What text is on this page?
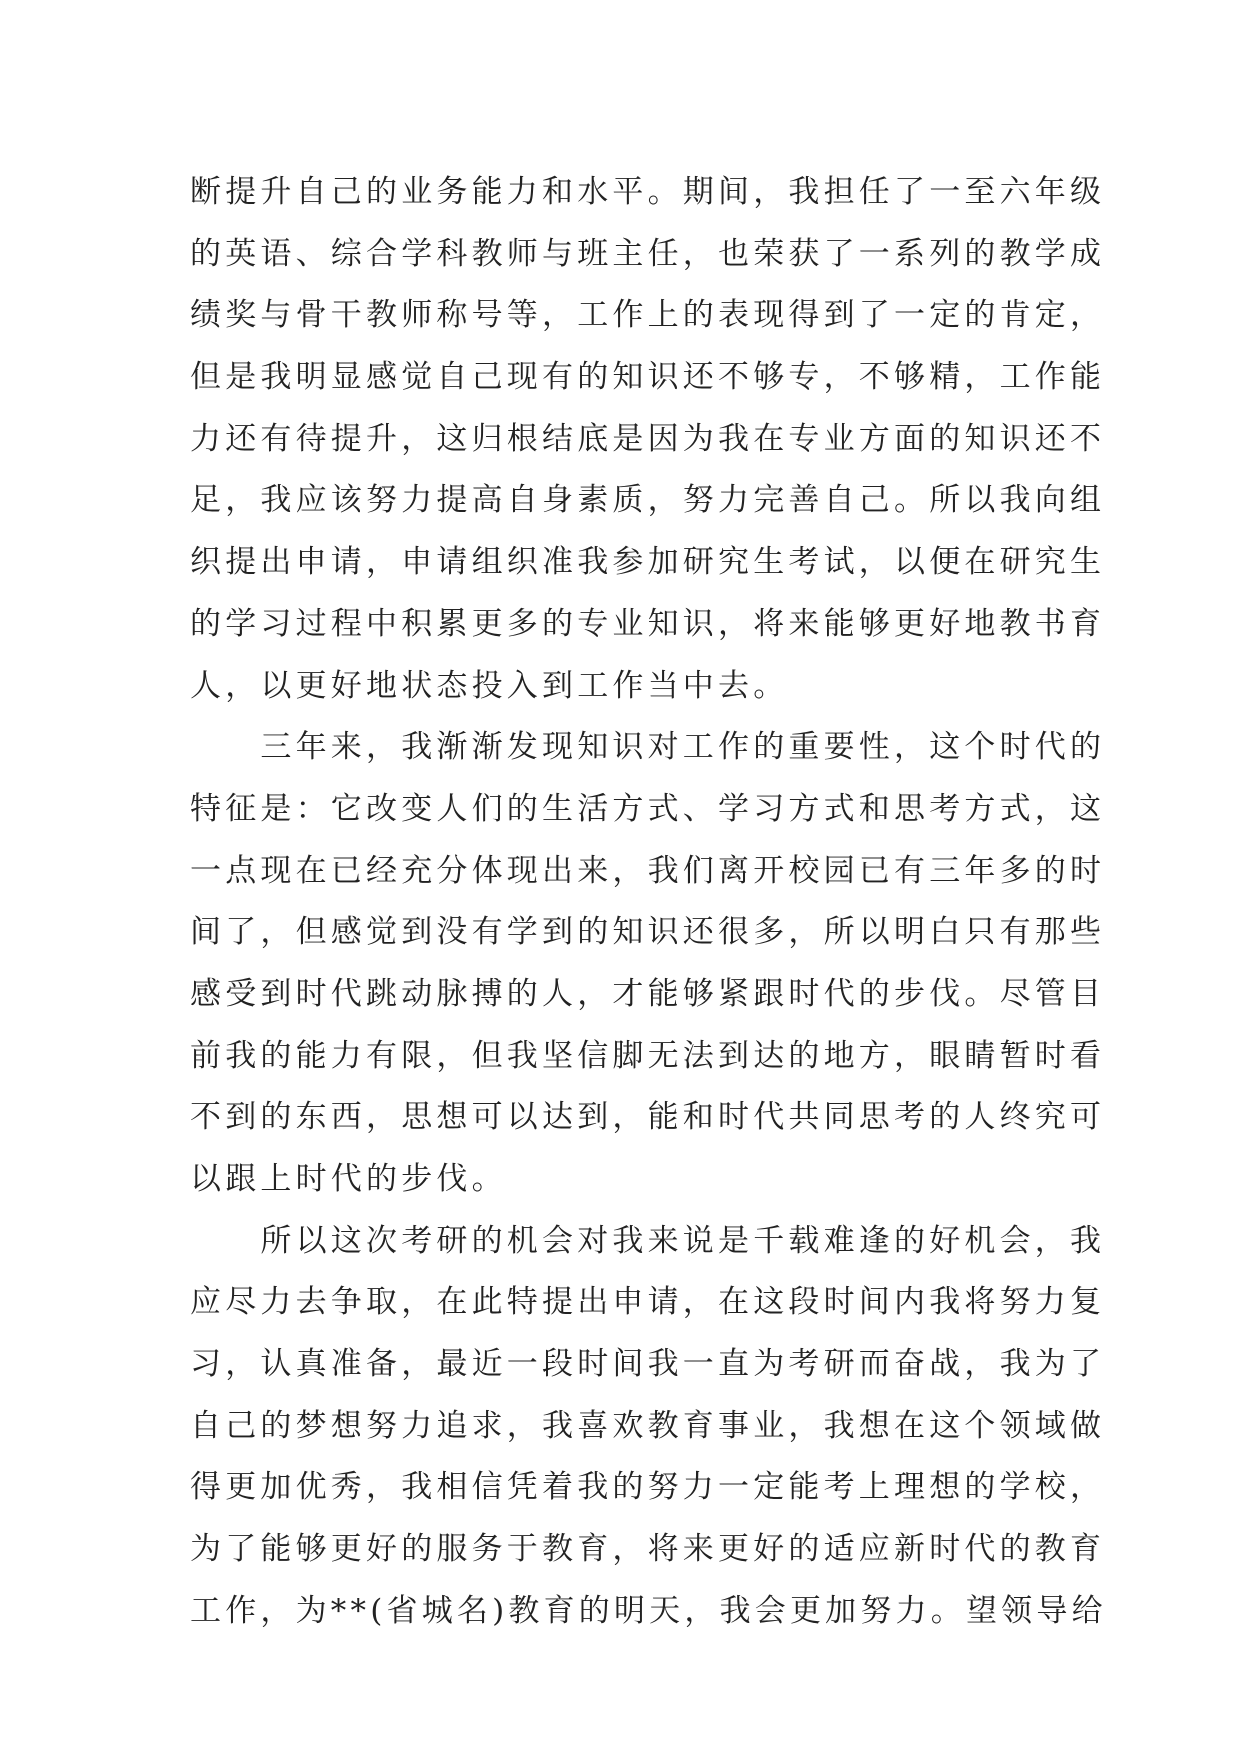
断提升自己的业务能力和水平。期间，我担任了一至六年级
的英语、综合学科教师与班主任，也荣获了一系列的教学成
绩奖与骨干教师称号等，工作上的表现得到了一定的肯定，
但是我明显感觉自己现有的知识还不够专，不够精，工作能
力还有待提升，这归根结底是因为我在专业方面的知识还不
足，我应该努力提高自身素质，努力完善自己。所以我向组
织提出申请，申请组织准我参加研究生考试，以便在研究生
的学习过程中积累更多的专业知识，将来能够更好地教书育
人，以更好地状态投入到工作当中去。
　　三年来，我渐渐发现知识对工作的重要性，这个时代的
特征是：它改变人们的生活方式、学习方式和思考方式，这
一点现在已经充分体现出来，我们离开校园已有三年多的时
间了，但感觉到没有学到的知识还很多，所以明白只有那些
感受到时代跳动脉搏的人，才能够紧跟时代的步伐。尽管目
前我的能力有限，但我坚信脚无法到达的地方，眼睛暂时看
不到的东西，思想可以达到，能和时代共同思考的人终究可
以跟上时代的步伐。
　　所以这次考研的机会对我来说是千载难逢的好机会，我
应尽力去争取，在此特提出申请，在这段时间内我将努力复
习，认真准备，最近一段时间我一直为考研而奋战，我为了
自己的梦想努力追求，我喜欢教育事业，我想在这个领域做
得更加优秀，我相信凭着我的努力一定能考上理想的学校，
为了能够更好的服务于教育，将来更好的适应新时代的教育
工作，为**(省城名)教育的明天，我会更加努力。望领导给
